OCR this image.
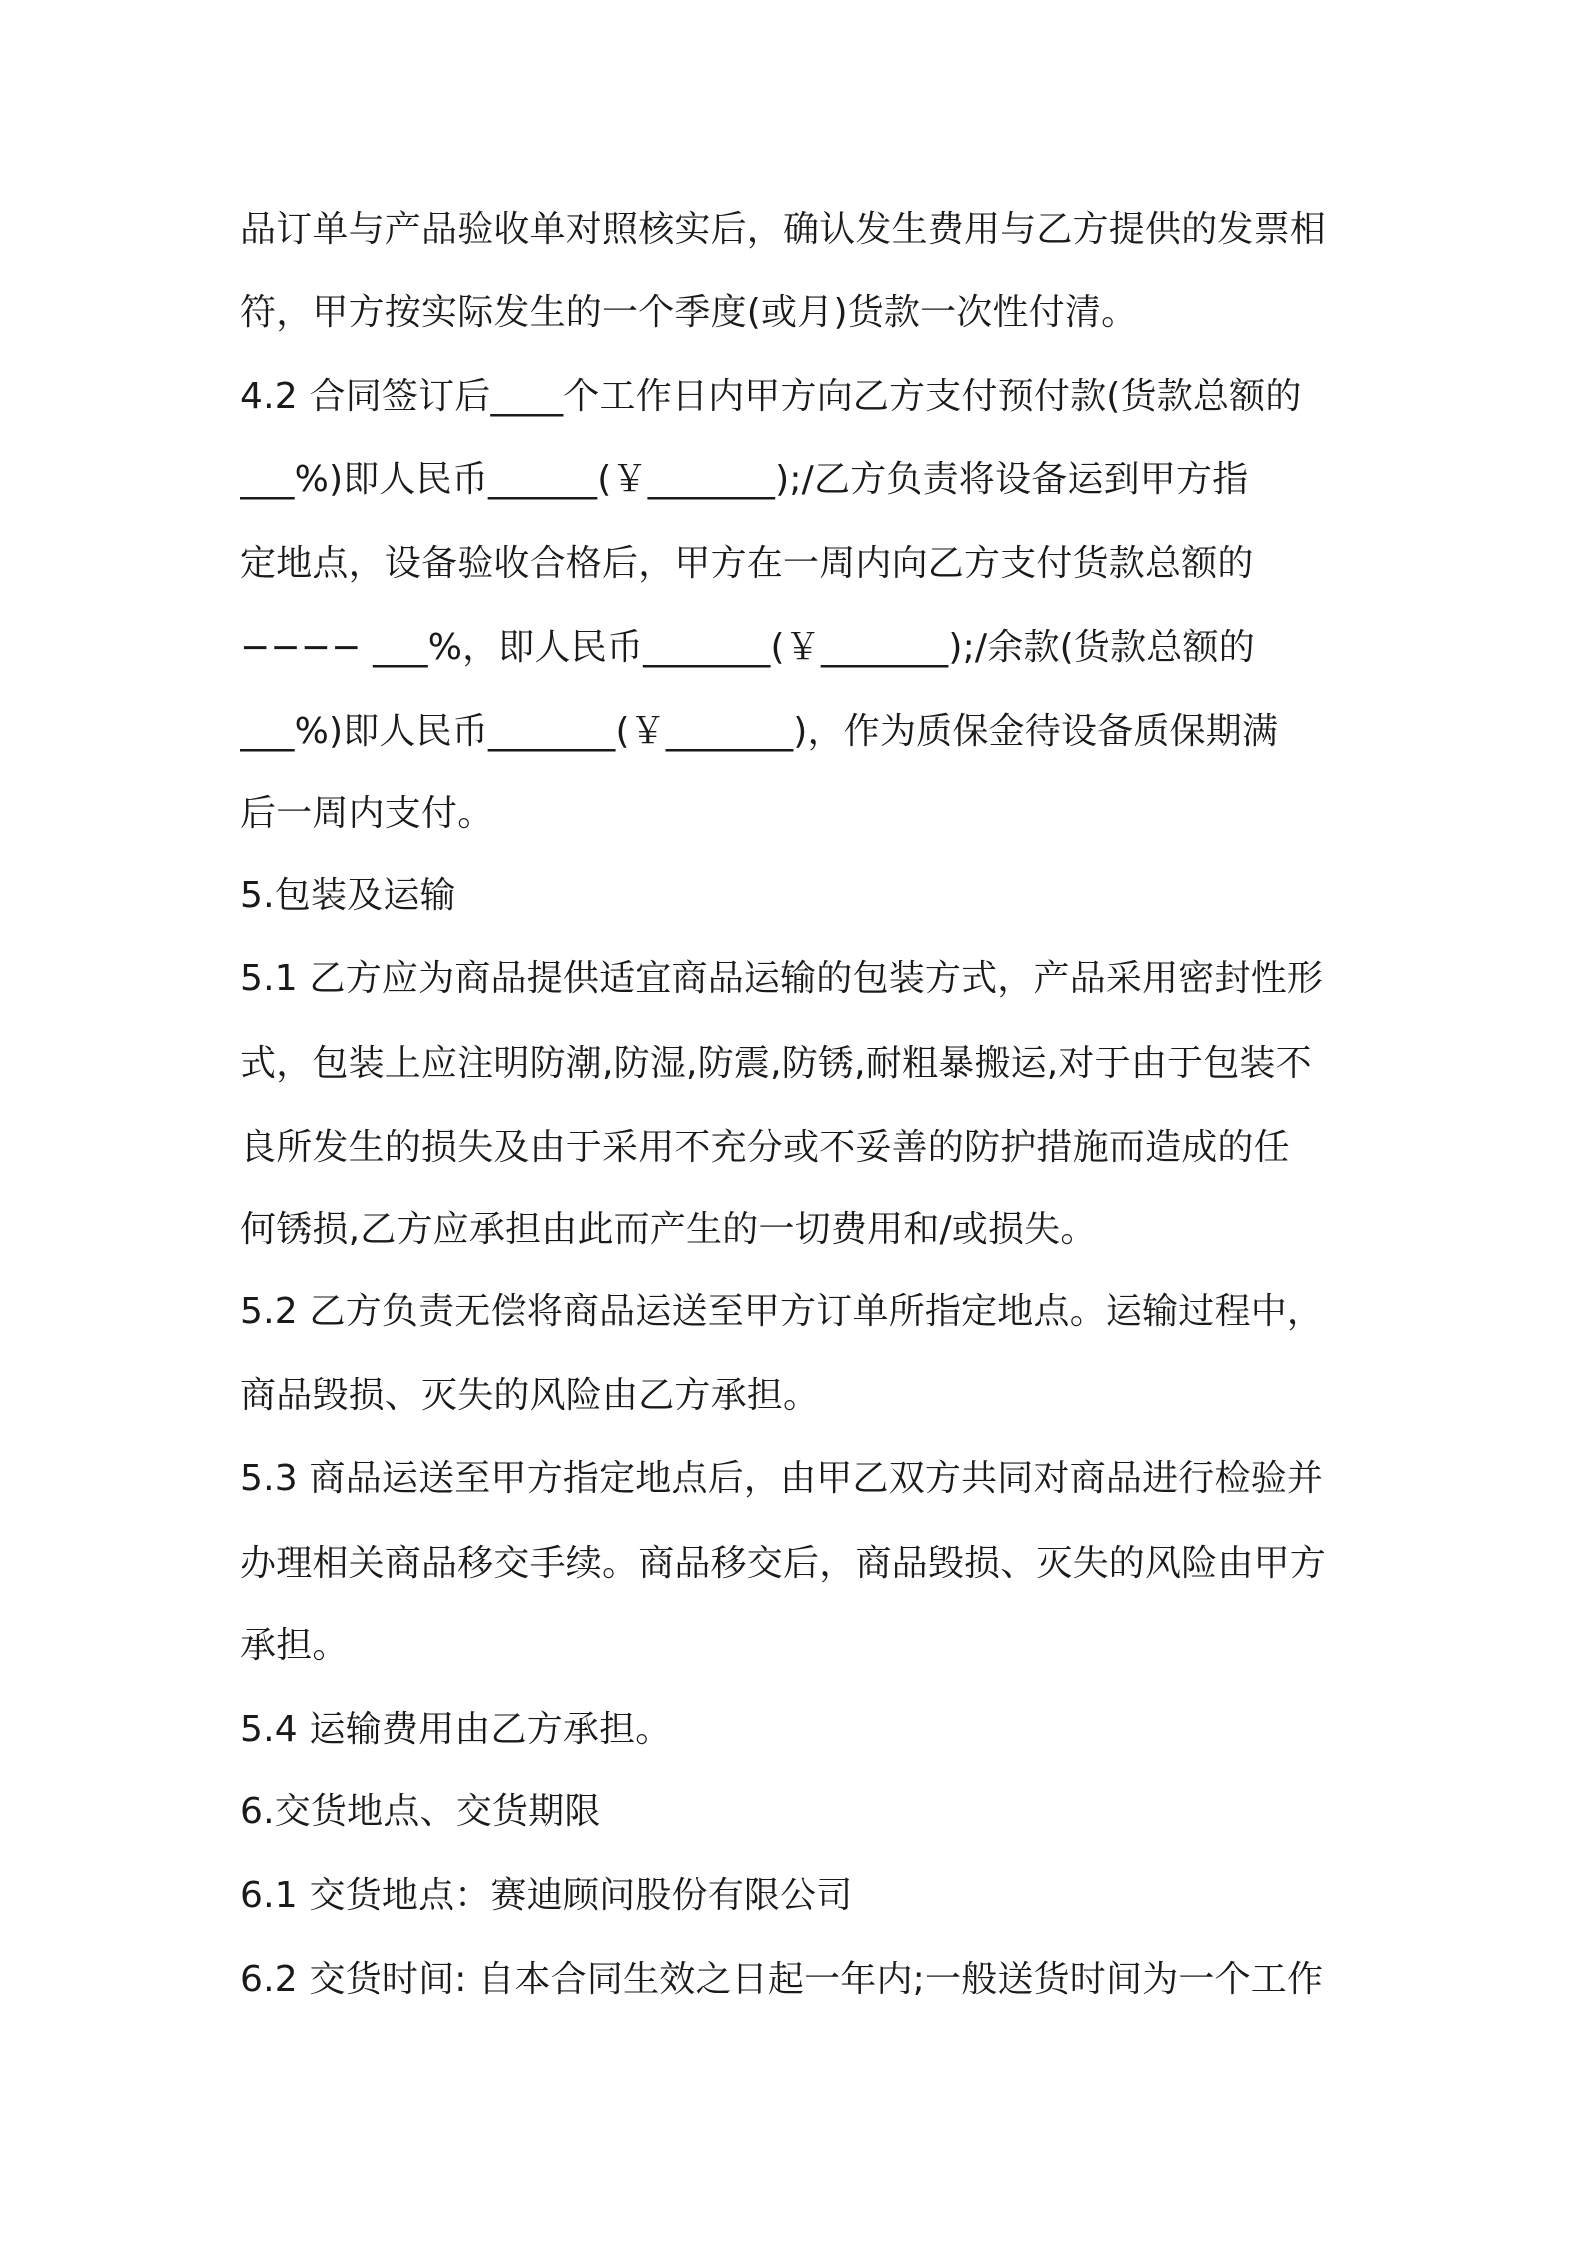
品订单与产品验收单对照核实后，确认发生费用与乙方提供的发票相
符，甲方按实际发生的一个季度(或月)货款一次性付清。
4.2 合同签订后____个工作日内甲方向乙方支付预付款(货款总额的
___%)即人民币______(￥_______);/乙方负责将设备运到甲方指
定地点，设备验收合格后，甲方在一周内向乙方支付货款总额的
−−−− ___%，即人民币_______(￥_______);/余款(货款总额的
___%)即人民币_______(￥_______)，作为质保金待设备质保期满
后一周内支付。
5.包装及运输
5.1 乙方应为商品提供适宜商品运输的包装方式，产品采用密封性形
式，包装上应注明防潮,防湿,防震,防锈,耐粗暴搬运,对于由于包装不
良所发生的损失及由于采用不充分或不妥善的防护措施而造成的任
何锈损,乙方应承担由此而产生的一切费用和/或损失。
5.2 乙方负责无偿将商品运送至甲方订单所指定地点。运输过程中，
商品毁损、灭失的风险由乙方承担。
5.3 商品运送至甲方指定地点后，由甲乙双方共同对商品进行检验并
办理相关商品移交手续。商品移交后，商品毁损、灭失的风险由甲方
承担。
5.4 运输费用由乙方承担。
6.交货地点、交货期限
6.1 交货地点：赛迪顾问股份有限公司
6.2 交货时间: 自本合同生效之日起一年内;一般送货时间为一个工作
